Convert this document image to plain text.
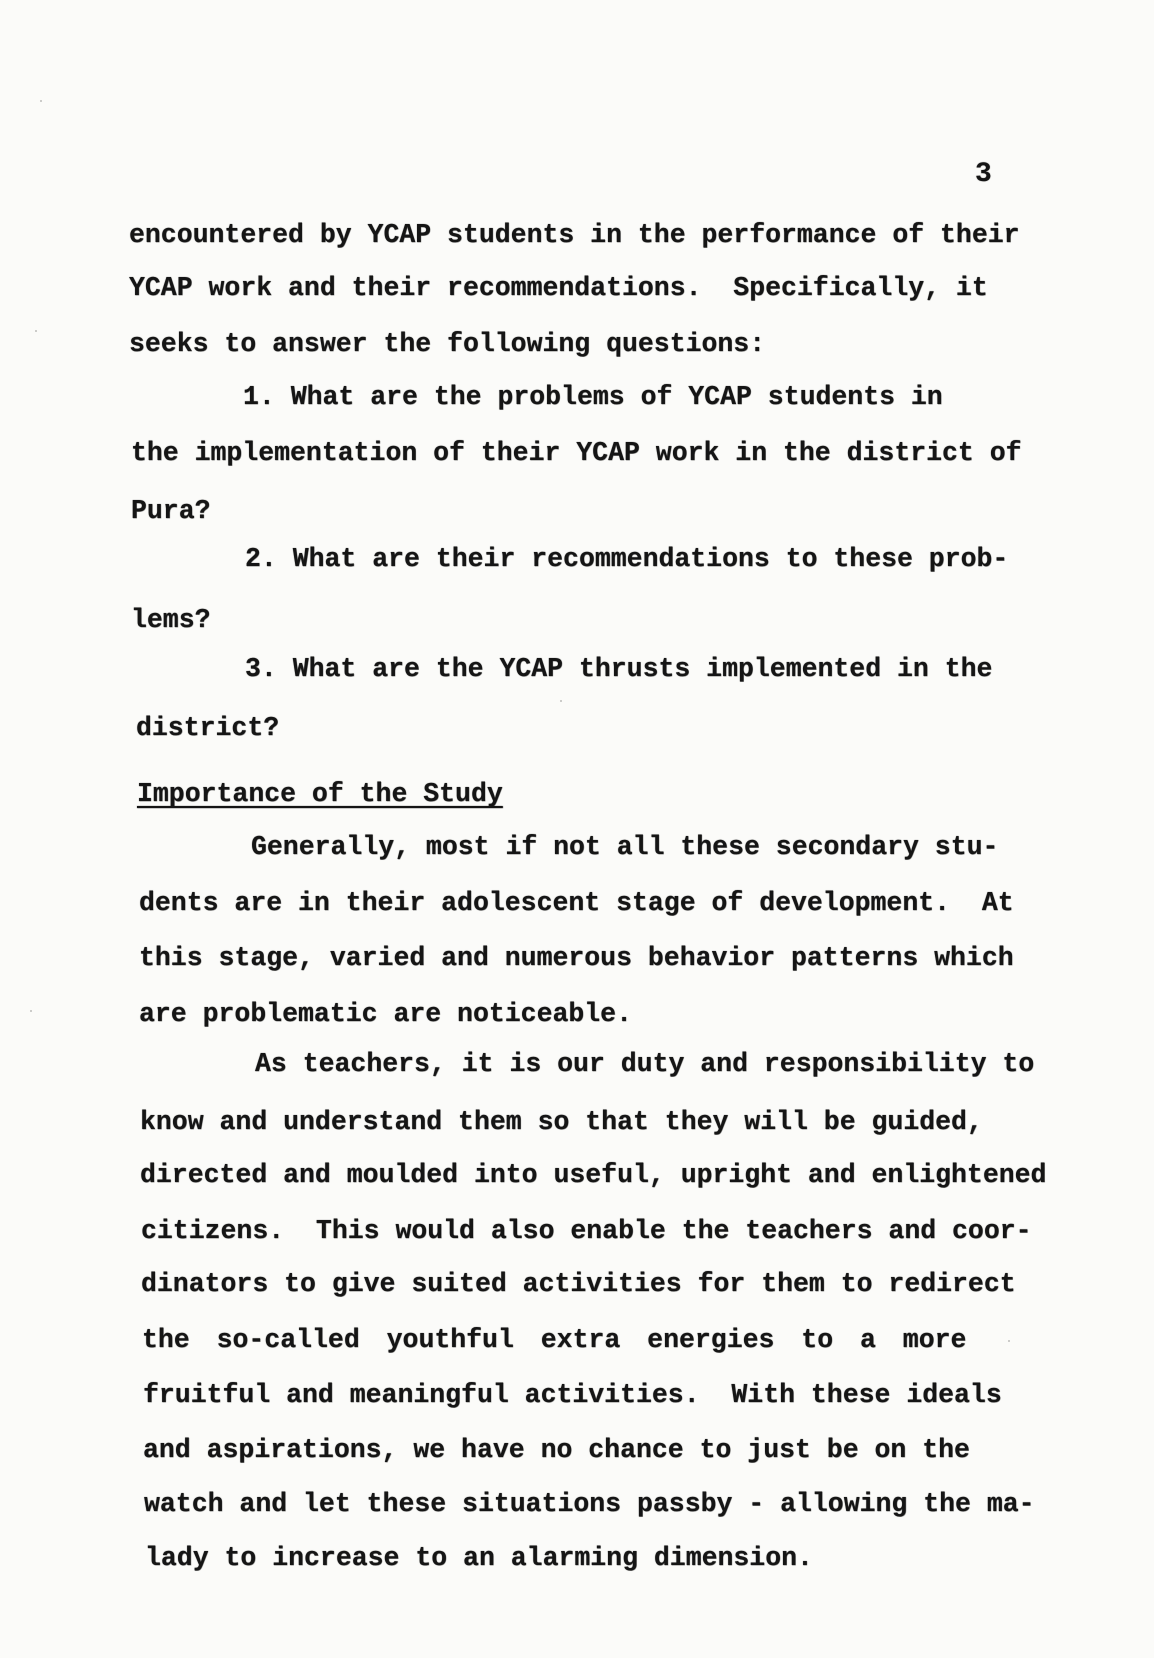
3
encountered by YCAP students in the performance of their
YCAP work and their recommendations.  Specifically, it
seeks to answer the following questions:
1. What are the problems of YCAP students in
the implementation of their YCAP work in the district of
Pura?
2. What are their recommendations to these prob-
lems?
3. What are the YCAP thrusts implemented in the
district?
Importance of the Study
Generally, most if not all these secondary stu-
dents are in their adolescent stage of development.  At
this stage, varied and numerous behavior patterns which
are problematic are noticeable.
As teachers, it is our duty and responsibility to
know and understand them so that they will be guided,
directed and moulded into useful, upright and enlightened
citizens.  This would also enable the teachers and coor-
dinators to give suited activities for them to redirect
the so-called youthful extra energies to a more
fruitful and meaningful activities.  With these ideals
and aspirations, we have no chance to just be on the
watch and let these situations passby - allowing the ma-
lady to increase to an alarming dimension.
